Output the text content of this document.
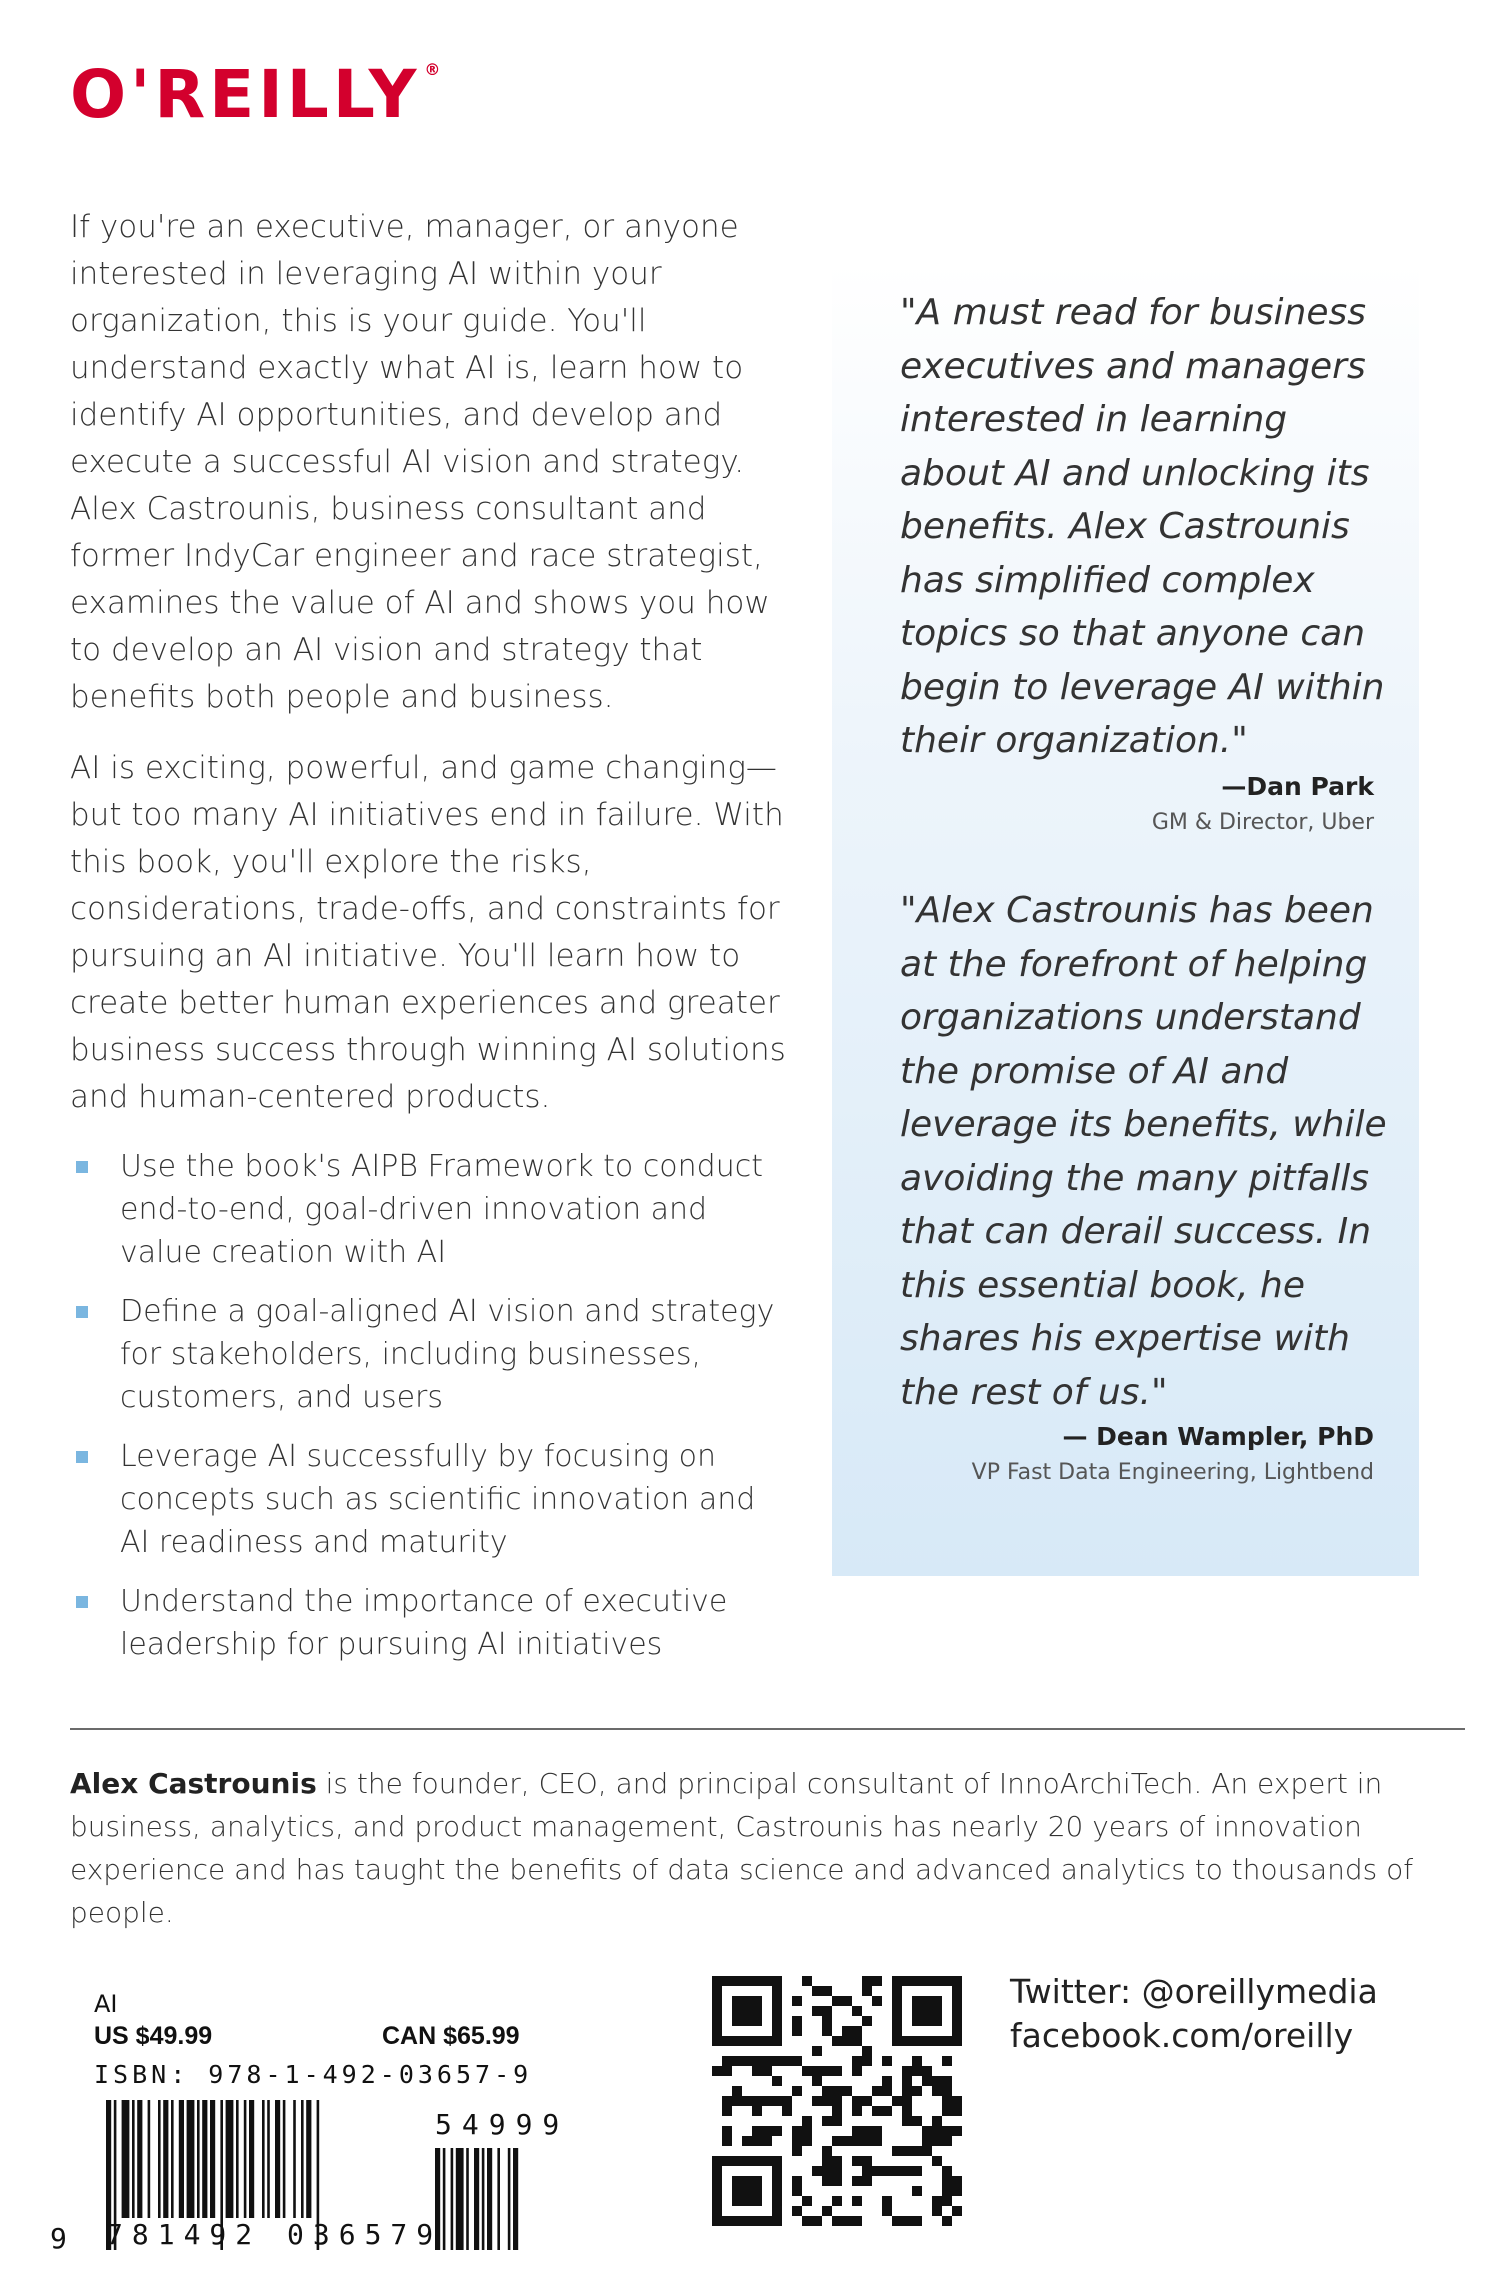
O'REILLY ®

If you're an executive, manager, or anyone interested in leveraging AI within your organization, this is your guide. You'll understand exactly what AI is, learn how to identify AI opportunities, and develop and execute a successful AI vision and strategy. Alex Castrounis, business consultant and former IndyCar engineer and race strategist, examines the value of AI and shows you how to develop an AI vision and strategy that benefits both people and business.

AI is exciting, powerful, and game changing—but too many AI initiatives end in failure. With this book, you'll explore the risks, considerations, trade-offs, and constraints for pursuing an AI initiative. You'll learn how to create better human experiences and greater business success through winning AI solutions and human-centered products.

Use the book's AIPB Framework to conduct end-to-end, goal-driven innovation and value creation with AI
Define a goal-aligned AI vision and strategy for stakeholders, including businesses, customers, and users
Leverage AI successfully by focusing on concepts such as scientific innovation and AI readiness and maturity
Understand the importance of executive leadership for pursuing AI initiatives
"A must read for business executives and managers interested in learning about AI and unlocking its benefits. Alex Castrounis has simplified complex topics so that anyone can begin to leverage AI within their organization."
—Dan Park
GM & Director, Uber
"Alex Castrounis has been at the forefront of helping organizations understand the promise of AI and leverage its benefits, while avoiding the many pitfalls that can derail success. In this essential book, he shares his expertise with the rest of us."
— Dean Wampler, PhD
VP Fast Data Engineering, Lightbend
Alex Castrounis is the founder, CEO, and principal consultant of InnoArchiTech. An expert in business, analytics, and product management, Castrounis has nearly 20 years of innovation experience and has taught the benefits of data science and advanced analytics to thousands of people.
AI
US $49.99	CAN $65.99
ISBN: 978-1-492-03657-9
9 781492 036579
54999
Twitter: @oreillymedia
facebook.com/oreilly
